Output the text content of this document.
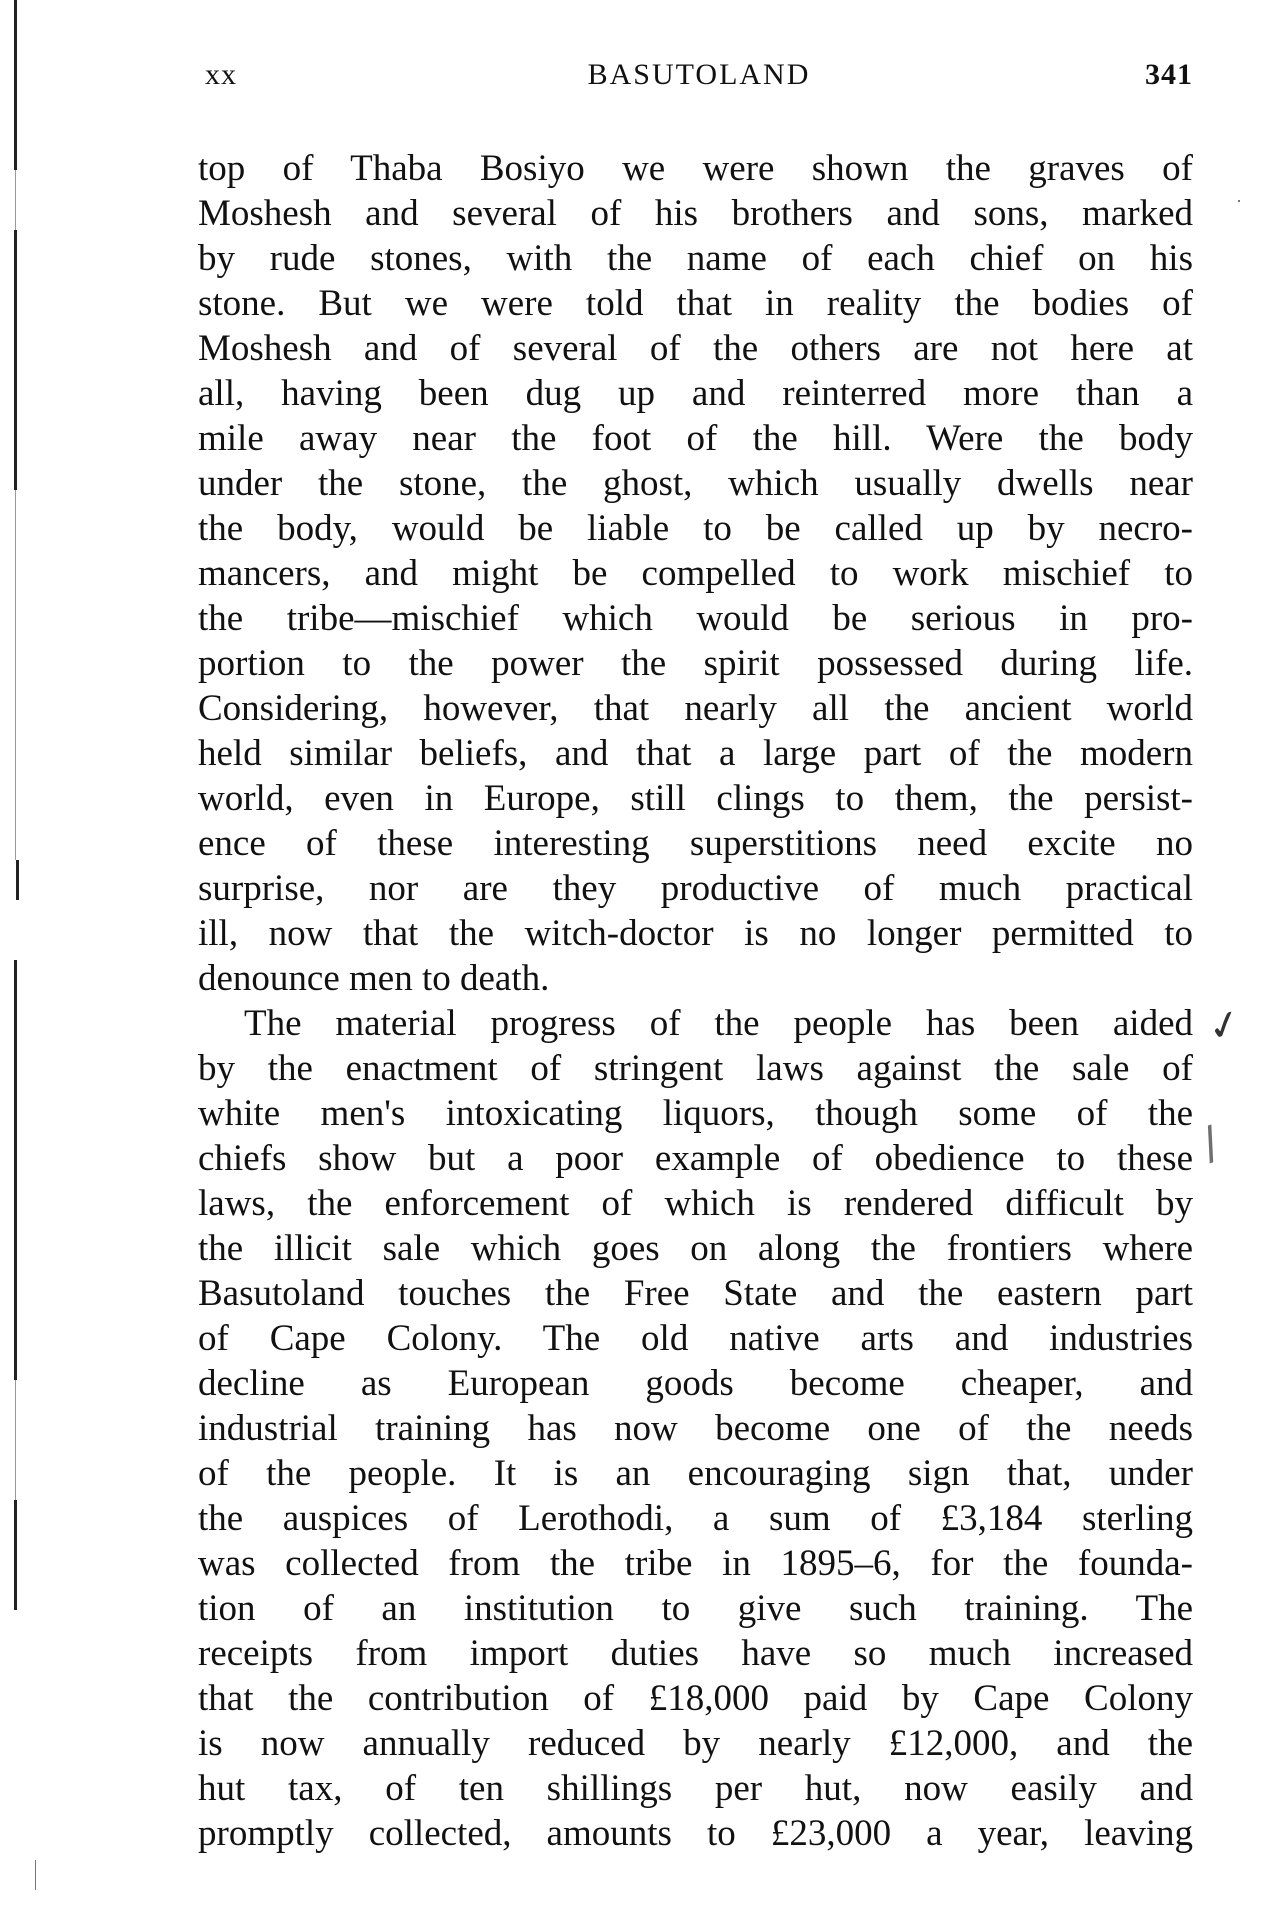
xx	BASUTOLAND	341
top of Thaba Bosiyo we were shown the graves of
Moshesh and several of his brothers and sons, marked
by rude stones, with the name of each chief on his
stone. But we were told that in reality the bodies of
Moshesh and of several of the others are not here at
all, having been dug up and reinterred more than a
mile away near the foot of the hill. Were the body
under the stone, the ghost, which usually dwells near
the body, would be liable to be called up by necro-
mancers, and might be compelled to work mischief to
the tribe—mischief which would be serious in pro-
portion to the power the spirit possessed during life.
Considering, however, that nearly all the ancient world
held similar beliefs, and that a large part of the modern
world, even in Europe, still clings to them, the persist-
ence of these interesting superstitions need excite no
surprise, nor are they productive of much practical
ill, now that the witch-doctor is no longer permitted to
denounce men to death.
The material progress of the people has been aided
by the enactment of stringent laws against the sale of
white men's intoxicating liquors, though some of the
chiefs show but a poor example of obedience to these
laws, the enforcement of which is rendered difficult by
the illicit sale which goes on along the frontiers where
Basutoland touches the Free State and the eastern part
of Cape Colony. The old native arts and industries
decline as European goods become cheaper, and
industrial training has now become one of the needs
of the people. It is an encouraging sign that, under
the auspices of Lerothodi, a sum of £3,184 sterling
was collected from the tribe in 1895–6, for the founda-
tion of an institution to give such training. The
receipts from import duties have so much increased
that the contribution of £18,000 paid by Cape Colony
is now annually reduced by nearly £12,000, and the
hut tax, of ten shillings per hut, now easily and
promptly collected, amounts to £23,000 a year, leaving
✓
/
